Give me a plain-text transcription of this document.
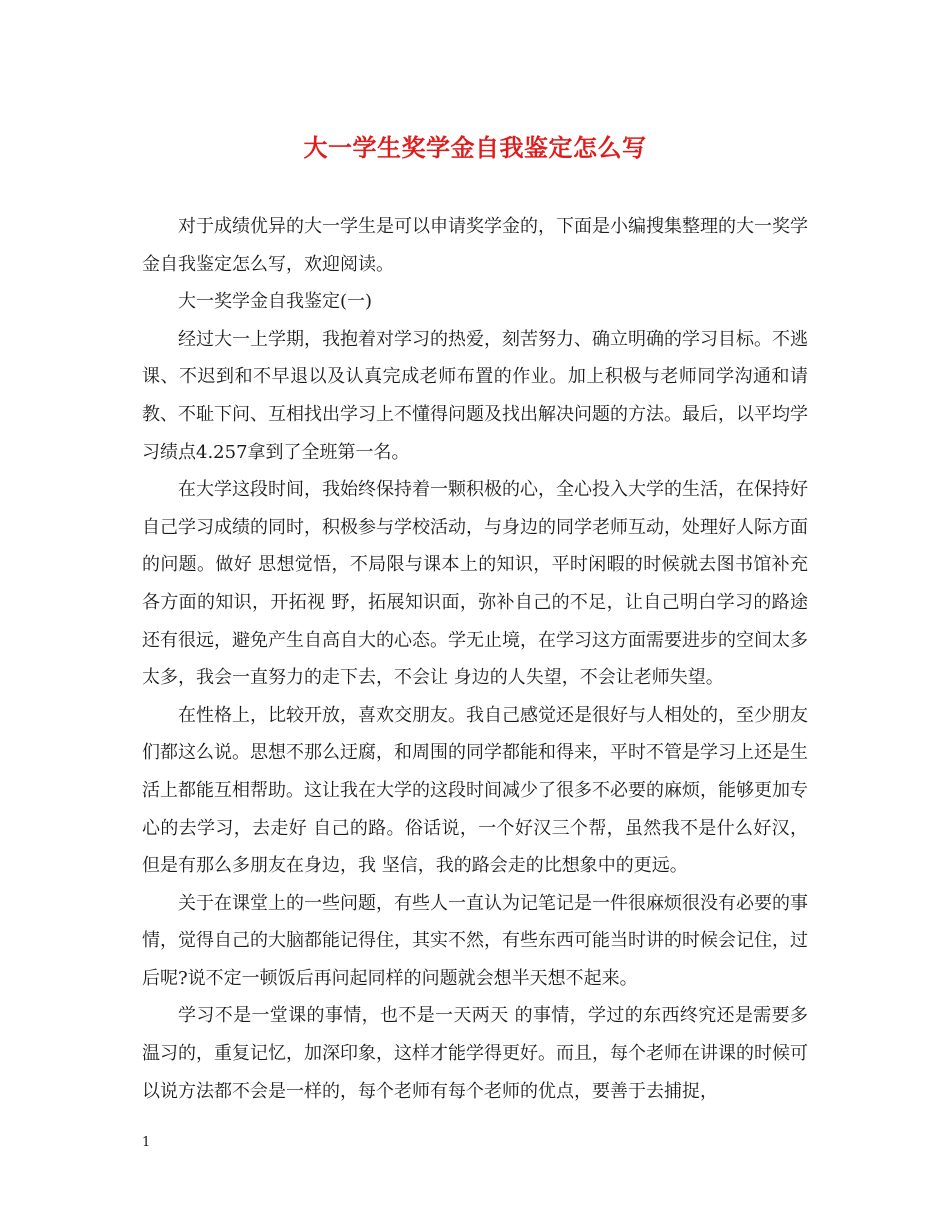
大一学生奖学金自我鉴定怎么写

对于成绩优异的大一学生是可以申请奖学金的，下面是小编搜集整理的大一奖学金自我鉴定怎么写，欢迎阅读。

大一奖学金自我鉴定(一)

经过大一上学期，我抱着对学习的热爱，刻苦努力、确立明确的学习目标。不逃课、不迟到和不早退以及认真完成老师布置的作业。加上积极与老师同学沟通和请教、不耻下问、互相找出学习上不懂得问题及找出解决问题的方法。最后，以平均学习绩点4.257拿到了全班第一名。

在大学这段时间，我始终保持着一颗积极的心，全心投入大学的生活，在保持好自己学习成绩的同时，积极参与学校活动，与身边的同学老师互动，处理好人际方面的问题。做好 思想觉悟，不局限与课本上的知识，平时闲暇的时候就去图书馆补充各方面的知识，开拓视 野，拓展知识面，弥补自己的不足，让自己明白学习的路途还有很远，避免产生自高自大的心态。学无止境，在学习这方面需要进步的空间太多太多，我会一直努力的走下去，不会让 身边的人失望，不会让老师失望。

在性格上，比较开放，喜欢交朋友。我自己感觉还是很好与人相处的，至少朋友们都这么说。思想不那么迂腐，和周围的同学都能和得来，平时不管是学习上还是生活上都能互相帮助。这让我在大学的这段时间减少了很多不必要的麻烦，能够更加专心的去学习，去走好 自己的路。俗话说，一个好汉三个帮，虽然我不是什么好汉，但是有那么多朋友在身边，我 坚信，我的路会走的比想象中的更远。

关于在课堂上的一些问题，有些人一直认为记笔记是一件很麻烦很没有必要的事情，觉得自己的大脑都能记得住，其实不然，有些东西可能当时讲的时候会记住，过后呢?说不定一顿饭后再问起同样的问题就会想半天想不起来。

学习不是一堂课的事情，也不是一天两天 的事情，学过的东西终究还是需要多温习的，重复记忆，加深印象，这样才能学得更好。而且，每个老师在讲课的时候可以说方法都不会是一样的，每个老师有每个老师的优点，要善于去捕捉，

1
